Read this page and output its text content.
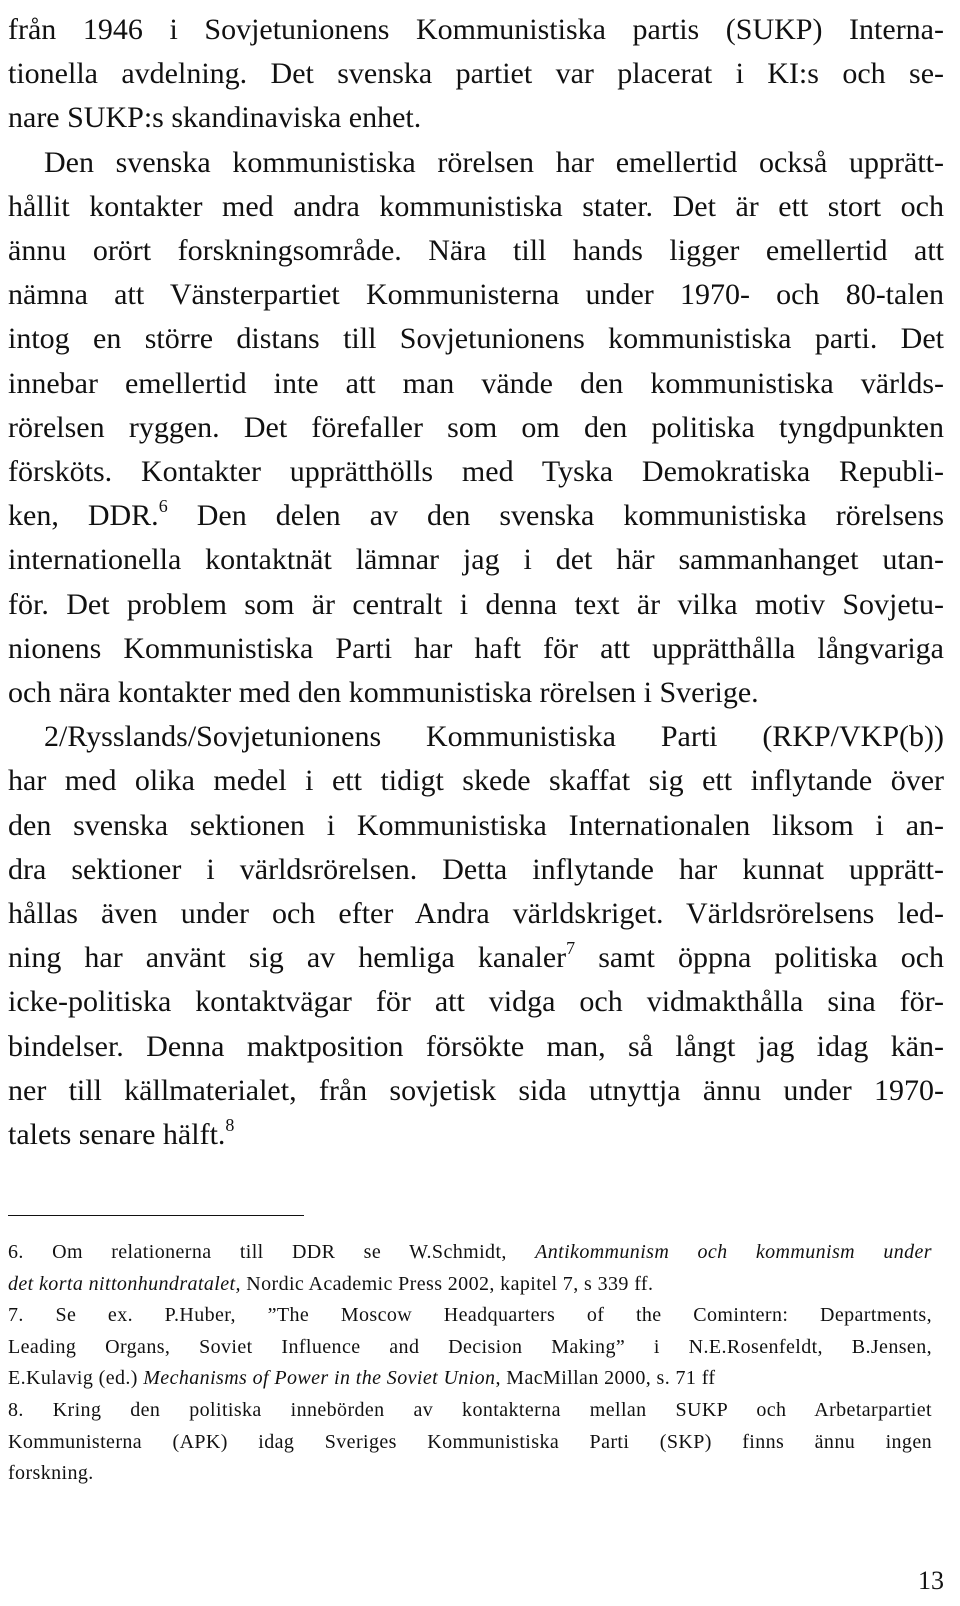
från 1946 i Sovjetunionens Kommunistiska partis (SUKP) Interna-
tionella avdelning. Det svenska partiet var placerat i KI:s och se-
nare SUKP:s skandinaviska enhet.
Den svenska kommunistiska rörelsen har emellertid också upprätt-
hållit kontakter med andra kommunistiska stater. Det är ett stort och
ännu orört forskningsområde. Nära till hands ligger emellertid att
nämna att Vänsterpartiet Kommunisterna under 1970- och 80-talen
intog en större distans till Sovjetunionens kommunistiska parti. Det
innebar emellertid inte att man vände den kommunistiska världs-
rörelsen ryggen. Det förefaller som om den politiska tyngdpunkten
försköts. Kontakter upprätthölls med Tyska Demokratiska Republi-
ken, DDR.$^6$ Den delen av den svenska kommunistiska rörelsens
internationella kontaktnät lämnar jag i det här sammanhanget utan-
för. Det problem som är centralt i denna text är vilka motiv Sovjetu-
nionens Kommunistiska Parti har haft för att upprätthålla långvariga
och nära kontakter med den kommunistiska rörelsen i Sverige.
2/Rysslands/Sovjetunionens Kommunistiska Parti (RKP/VKP(b))
har med olika medel i ett tidigt skede skaffat sig ett inflytande över
den svenska sektionen i Kommunistiska Internationalen liksom i an-
dra sektioner i världsrörelsen. Detta inflytande har kunnat upprätt-
hållas även under och efter Andra världskriget. Världsrörelsens led-
ning har använt sig av hemliga kanaler$^7$ samt öppna politiska och
icke-politiska kontaktvägar för att vidga och vidmakthålla sina för-
bindelser. Denna maktposition försökte man, så långt jag idag kän-
ner till källmaterialet, från sovjetisk sida utnyttja ännu under 1970-
talets senare hälft.$^8$
6. Om relationerna till DDR se W.Schmidt, Antikommunism och kommunism under
det korta nittonhundratalet, Nordic Academic Press 2002, kapitel 7, s 339 ff.
7. Se ex. P.Huber, ”The Moscow Headquarters of the Comintern: Departments,
Leading Organs, Soviet Influence and Decision Making” i N.E.Rosenfeldt, B.Jensen,
E.Kulavig (ed.) Mechanisms of Power in the Soviet Union, MacMillan 2000, s. 71 ff
8. Kring den politiska innebörden av kontakterna mellan SUKP och Arbetarpartiet
Kommunisterna (APK) idag Sveriges Kommunistiska Parti (SKP) finns ännu ingen
forskning.
13
